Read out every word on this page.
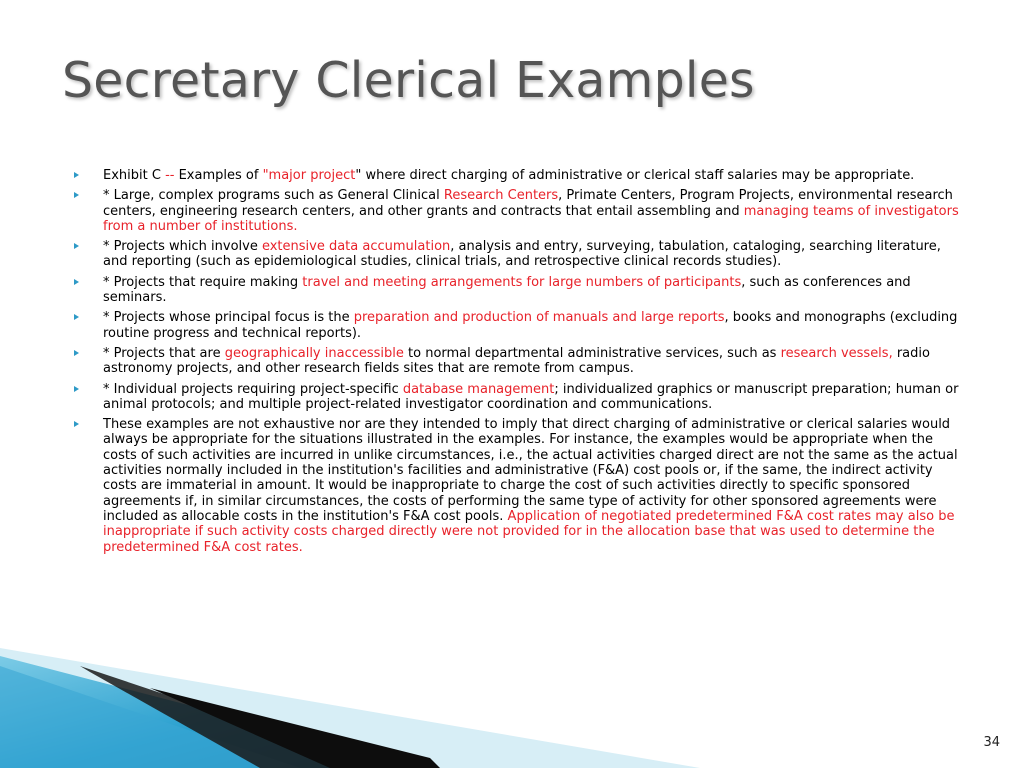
Secretary Clerical Examples
Exhibit C -- Examples of "major project" where direct charging of administrative or clerical staff salaries may be appropriate.
* Large, complex programs such as General Clinical Research Centers, Primate Centers, Program Projects, environmental research centers, engineering research centers, and other grants and contracts that entail assembling and managing teams of investigators from a number of institutions.
* Projects which involve extensive data accumulation, analysis and entry, surveying, tabulation, cataloging, searching literature, and reporting (such as epidemiological studies, clinical trials, and retrospective clinical records studies).
* Projects that require making travel and meeting arrangements for large numbers of participants, such as conferences and seminars.
* Projects whose principal focus is the preparation and production of manuals and large reports, books and monographs (excluding routine progress and technical reports).
* Projects that are geographically inaccessible to normal departmental administrative services, such as research vessels, radio astronomy projects, and other research fields sites that are remote from campus.
* Individual projects requiring project-specific database management; individualized graphics or manuscript preparation; human or animal protocols; and multiple project-related investigator coordination and communications.
These examples are not exhaustive nor are they intended to imply that direct charging of administrative or clerical salaries would always be appropriate for the situations illustrated in the examples. For instance, the examples would be appropriate when the costs of such activities are incurred in unlike circumstances, i.e., the actual activities charged direct are not the same as the actual activities normally included in the institution's facilities and administrative (F&A) cost pools or, if the same, the indirect activity costs are immaterial in amount. It would be inappropriate to charge the cost of such activities directly to specific sponsored agreements if, in similar circumstances, the costs of performing the same type of activity for other sponsored agreements were included as allocable costs in the institution's F&A cost pools. Application of negotiated predetermined F&A cost rates may also be inappropriate if such activity costs charged directly were not provided for in the allocation base that was used to determine the predetermined F&A cost rates.
34
